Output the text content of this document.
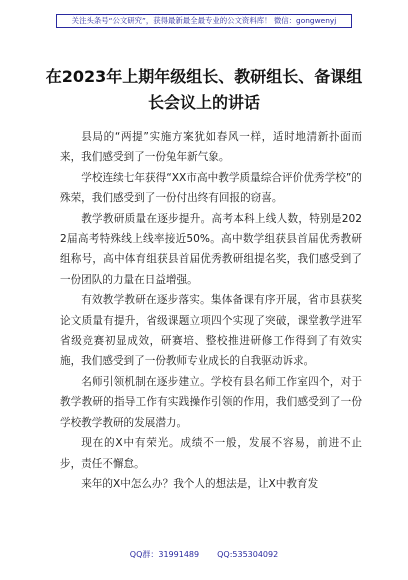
关注头条号“公文研究”，获得最新最全最专业的公文资料库！ 微信：gongwenyj
在2023年上期年级组长、教研组长、备课组长会议上的讲话

县局的“两提”实施方案犹如春风一样，适时地清新扑面而来，我们感受到了一份兔年新气象。

学校连续七年获得“XX市高中教学质量综合评价优秀学校”的殊荣，我们感受到了一份付出终有回报的窃喜。

教学教研质量在逐步提升。高考本科上线人数，特别是2022届高考特殊线上线率接近50%。高中数学组获县首届优秀教研组称号，高中体育组获县首届优秀教研组提名奖，我们感受到了一份团队的力量在日益增强。

有效教学教研在逐步落实。集体备课有序开展，省市县获奖论文质量有提升，省级课题立项四个实现了突破，课堂教学进军省级竞赛初显成效，研赛培、整校推进研修工作得到了有效实施，我们感受到了一份教师专业成长的自我驱动诉求。

名师引领机制在逐步建立。学校有县名师工作室四个，对于教学教研的指导工作有实践操作引领的作用，我们感受到了一份学校教学教研的发展潜力。

现在的X中有荣光。成绩不一般，发展不容易，前进不止步，责任不懈怠。

来年的X中怎么办？我个人的想法是，让X中教育发

QQ群：31991489 QQ:535304092
